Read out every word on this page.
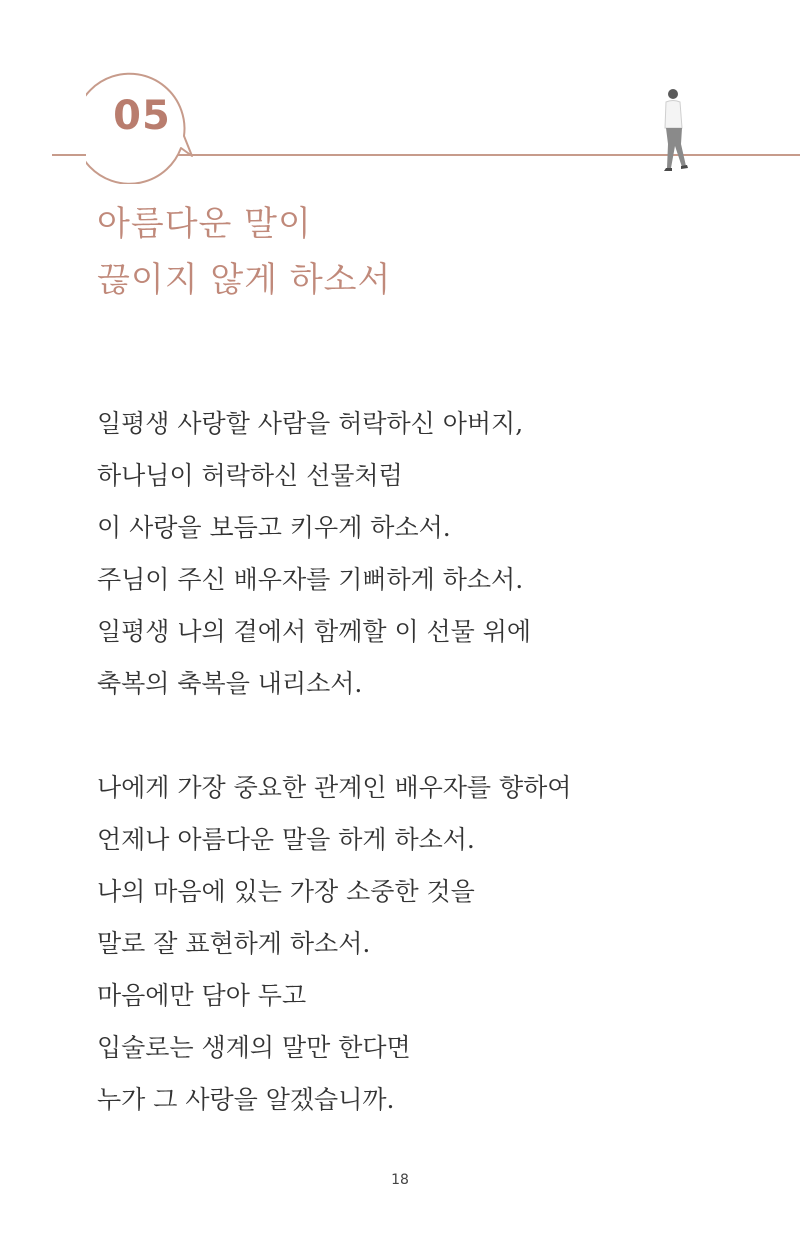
05
아름다운 말이
끊이지 않게 하소서
일평생 사랑할 사람을 허락하신 아버지,
하나님이 허락하신 선물처럼
이 사랑을 보듬고 키우게 하소서.
주님이 주신 배우자를 기뻐하게 하소서.
일평생 나의 곁에서 함께할 이 선물 위에
축복의 축복을 내리소서.
나에게 가장 중요한 관계인 배우자를 향하여
언제나 아름다운 말을 하게 하소서.
나의 마음에 있는 가장 소중한 것을
말로 잘 표현하게 하소서.
마음에만 담아 두고
입술로는 생계의 말만 한다면
누가 그 사랑을 알겠습니까.
18
